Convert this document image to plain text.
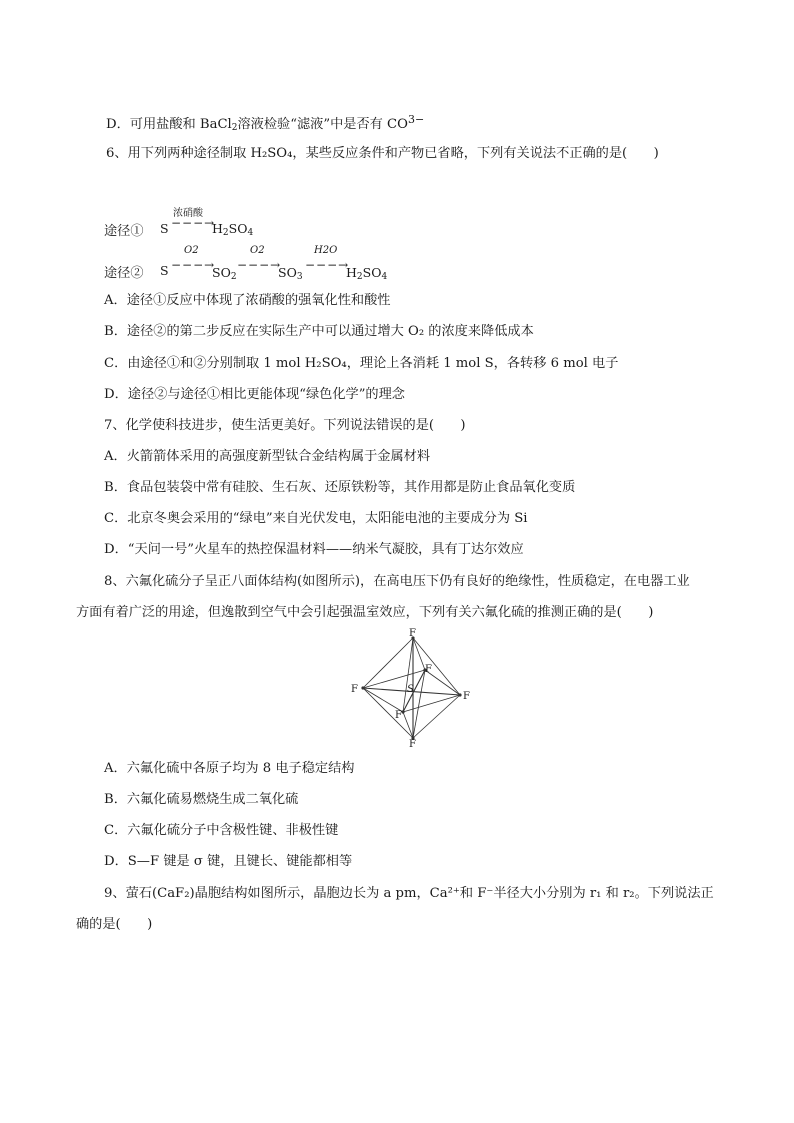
D．可用盐酸和 BaCl$_2$溶液检验“滤液”中是否有 $CO^{3-}$
6、用下列两种途径制取 H₂SO₄，某些反应条件和产物已省略，下列有关说法不正确的是(　　)
途径① S
浓硝酸
−−−→
$H_2SO_4$
途径② S
O2
−−−→
$SO_2$
O2
−−−→
$SO_3$
H2O
−−−→
$H_2SO_4$
A．途径①反应中体现了浓硝酸的强氧化性和酸性
B．途径②的第二步反应在实际生产中可以通过增大 O₂ 的浓度来降低成本
C．由途径①和②分别制取 1 mol H₂SO₄，理论上各消耗 1 mol S，各转移 6 mol 电子
D．途径②与途径①相比更能体现“绿色化学”的理念
7、化学使科技进步，使生活更美好。下列说法错误的是(　　)
A．火箭箭体采用的高强度新型钛合金结构属于金属材料
B．食品包装袋中常有硅胶、生石灰、还原铁粉等，其作用都是防止食品氧化变质
C．北京冬奥会采用的“绿电”来自光伏发电，太阳能电池的主要成分为 Si
D．“天问一号”火星车的热控保温材料——纳米气凝胶，具有丁达尔效应
8、六氟化硫分子呈正八面体结构(如图所示)，在高电压下仍有良好的绝缘性，性质稳定，在电器工业
方面有着广泛的用途，但逸散到空气中会引起强温室效应，下列有关六氟化硫的推测正确的是(　　)
F
F
F
F
F
F
S
A．六氟化硫中各原子均为 8 电子稳定结构
B．六氟化硫易燃烧生成二氧化硫
C．六氟化硫分子中含极性键、非极性键
D．S—F 键是 σ 键，且键长、键能都相等
9、萤石(CaF₂)晶胞结构如图所示，晶胞边长为 a pm，Ca²⁺和 F⁻半径大小分别为 r₁ 和 r₂。下列说法正
确的是(　　)
